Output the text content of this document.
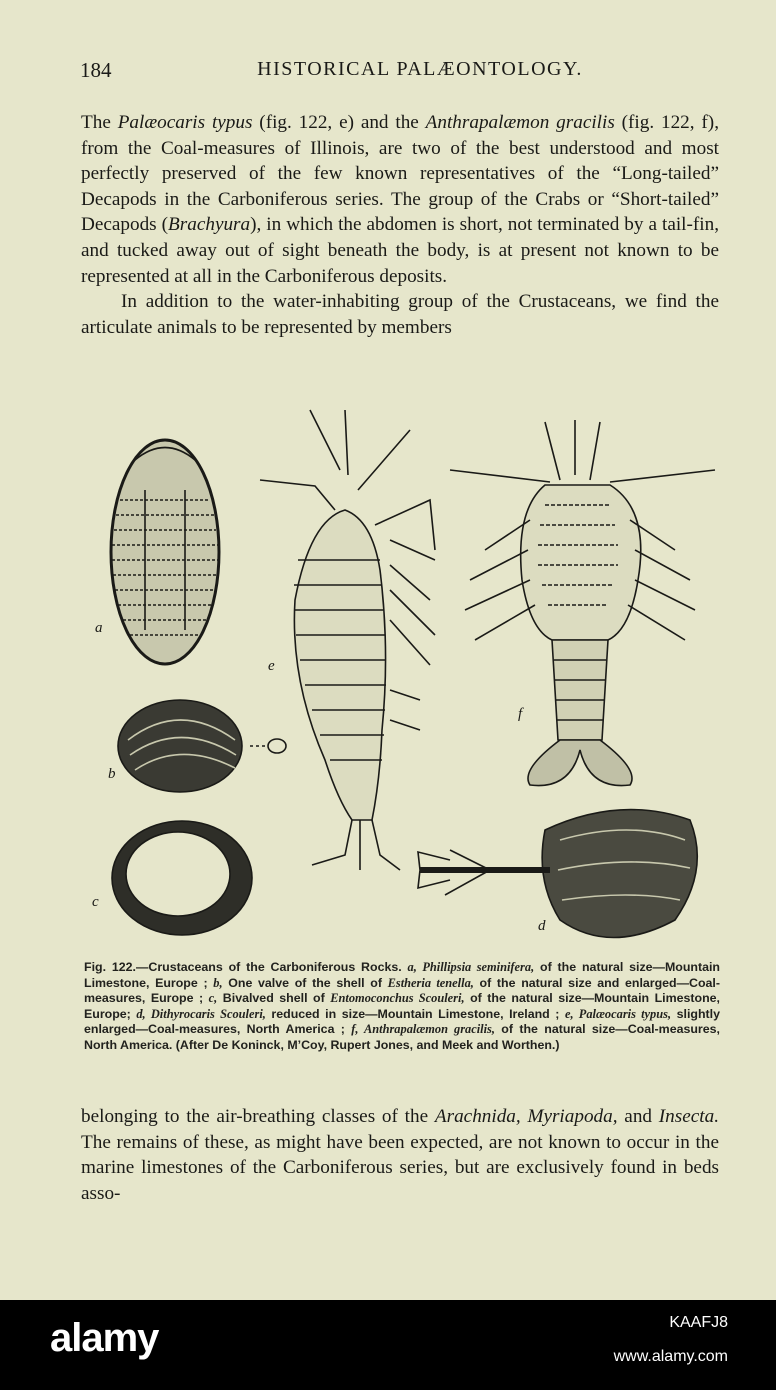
184	HISTORICAL PALÆONTOLOGY.

The Palæocaris typus (fig. 122, e) and the Anthrapalæmon gracilis (fig. 122, f), from the Coal-measures of Illinois, are two of the best understood and most perfectly preserved of the few known representatives of the “Long-tailed” Decapods in the Carboniferous series. The group of the Crabs or “Short-tailed” Decapods (Brachyura), in which the abdomen is short, not terminated by a tail-fin, and tucked away out of sight beneath the body, is at present not known to be represented at all in the Carboniferous deposits.

In addition to the water-inhabiting group of the Crustaceans, we find the articulate animals to be represented by members

a
b
c
e
f
d
Fig. 122.—Crustaceans of the Carboniferous Rocks. a, Phillipsia seminifera, of the natural size—Mountain Limestone, Europe ; b, One valve of the shell of Estheria tenella, of the natural size and enlarged—Coal-measures, Europe ; c, Bivalved shell of Entomoconchus Scouleri, of the natural size—Mountain Limestone, Europe; d, Dithyrocaris Scouleri, reduced in size—Mountain Limestone, Ireland ; e, Palæocaris typus, slightly enlarged—Coal-measures, North America ; f, Anthrapalæmon gracilis, of the natural size—Coal-measures, North America. (After De Koninck, M’Coy, Rupert Jones, and Meek and Worthen.)

belonging to the air-breathing classes of the Arachnida, Myriapoda, and Insecta. The remains of these, as might have been expected, are not known to occur in the marine limestones of the Carboniferous series, but are exclusively found in beds asso-

alamy	KAAFJ8
www.alamy.com
